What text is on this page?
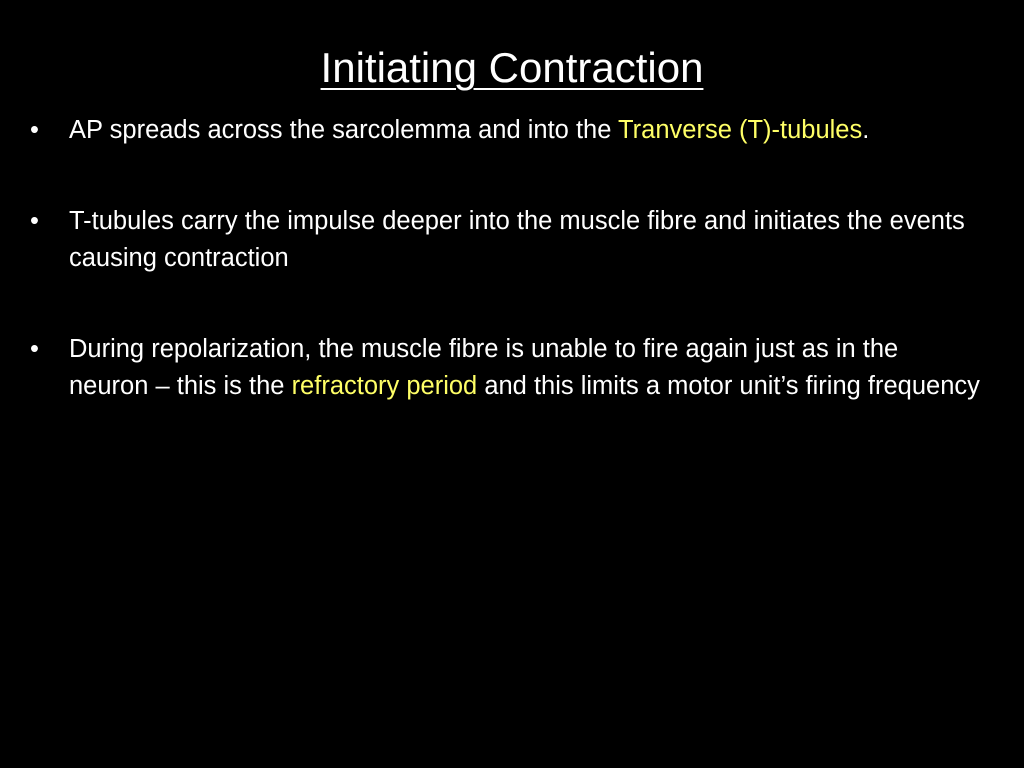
Initiating Contraction
•	AP spreads across the sarcolemma and into the Tranverse (T)-tubules.
•	T-tubules carry the impulse deeper into the muscle fibre and initiates the events causing contraction
•	During repolarization, the muscle fibre is unable to fire again just as in the neuron – this is the refractory period and this limits a motor unit’s firing frequency
